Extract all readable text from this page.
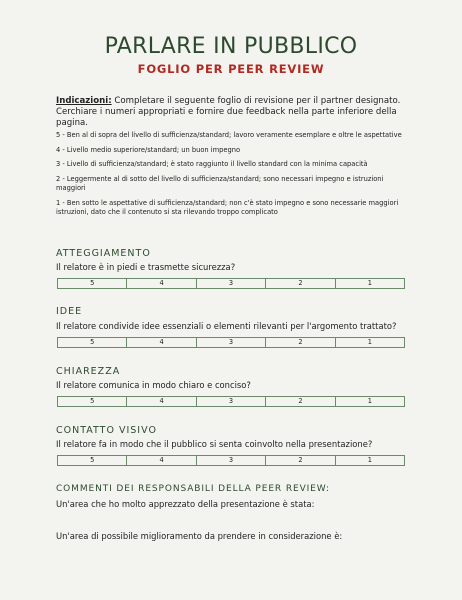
PARLARE IN PUBBLICO
FOGLIO PER PEER REVIEW
Indicazioni: Completare il seguente foglio di revisione per il partner designato. Cerchiare i numeri appropriati e fornire due feedback nella parte inferiore della pagina.
5 - Ben al di sopra del livello di sufficienza/standard; lavoro veramente esemplare e oltre le aspettative
4 - Livello medio superiore/standard; un buon impegno
3 - Livello di sufficienza/standard; è stato raggiunto il livello standard con la minima capacità
2 - Leggermente al di sotto del livello di sufficienza/standard; sono necessari impegno e istruzioni maggiori
1 - Ben sotto le aspettative di sufficienza/standard; non c'è stato impegno e sono necessarie maggiori istruzioni, dato che il contenuto si sta rilevando troppo complicato
ATTEGGIAMENTO
Il relatore è in piedi e trasmette sicurezza?
5	4	3	2	1
IDEE
Il relatore condivide idee essenziali o elementi rilevanti per l'argomento trattato?
5	4	3	2	1
CHIAREZZA
Il relatore comunica in modo chiaro e conciso?
5	4	3	2	1
CONTATTO VISIVO
Il relatore fa in modo che il pubblico si senta coinvolto nella presentazione?
5	4	3	2	1
COMMENTI DEI RESPONSABILI DELLA PEER REVIEW:
Un'area che ho molto apprezzato della presentazione è stata:
Un'area di possibile miglioramento da prendere in considerazione è:
